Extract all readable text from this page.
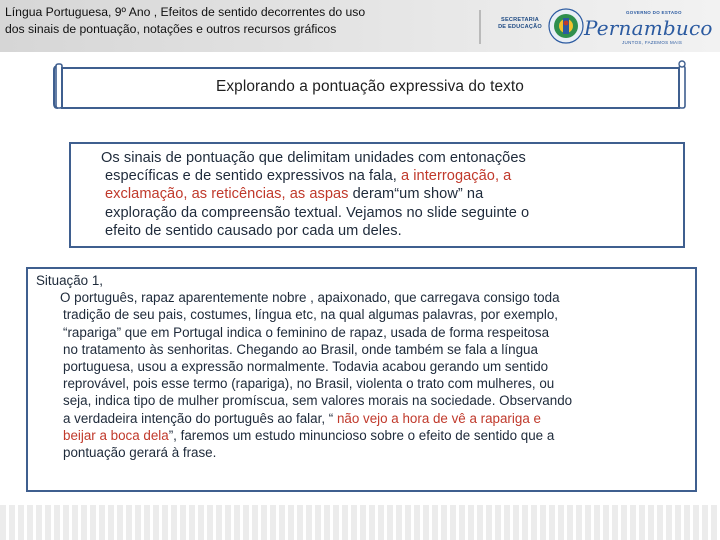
Língua Portuguesa, 9º Ano , Efeitos de sentido decorrentes do uso
dos sinais de pontuação, notações e outros recursos gráficos
SECRETARIA
DE EDUCAÇÃO
GOVERNO DO ESTADO
Pernambuco
JUNTOS, FAZEMOS MAIS
Explorando a pontuação expressiva do texto
Os sinais de pontuação que delimitam unidades com entonações
específicas e de sentido expressivos na fala, a interrogação, a
exclamação, as reticências, as aspas deram“um show” na
exploração da compreensão textual. Vejamos no slide seguinte o
efeito de sentido causado por cada um deles.
Situação 1,
O português, rapaz aparentemente nobre , apaixonado, que carregava consigo toda
tradição de seu pais, costumes, língua etc, na qual algumas palavras, por exemplo,
“rapariga” que em Portugal indica o feminino de rapaz, usada de forma respeitosa
no tratamento às senhoritas. Chegando ao Brasil, onde também se fala a língua
portuguesa, usou a expressão normalmente. Todavia acabou gerando um sentido
reprovável, pois esse termo (rapariga), no Brasil, violenta o trato com mulheres, ou
seja, indica tipo de mulher promíscua, sem valores morais na sociedade. Observando
a verdadeira intenção do português ao falar, “ não vejo a hora de vê a rapariga e
beijar a boca dela”, faremos um estudo minuncioso sobre o efeito de sentido que a
pontuação gerará à frase.
